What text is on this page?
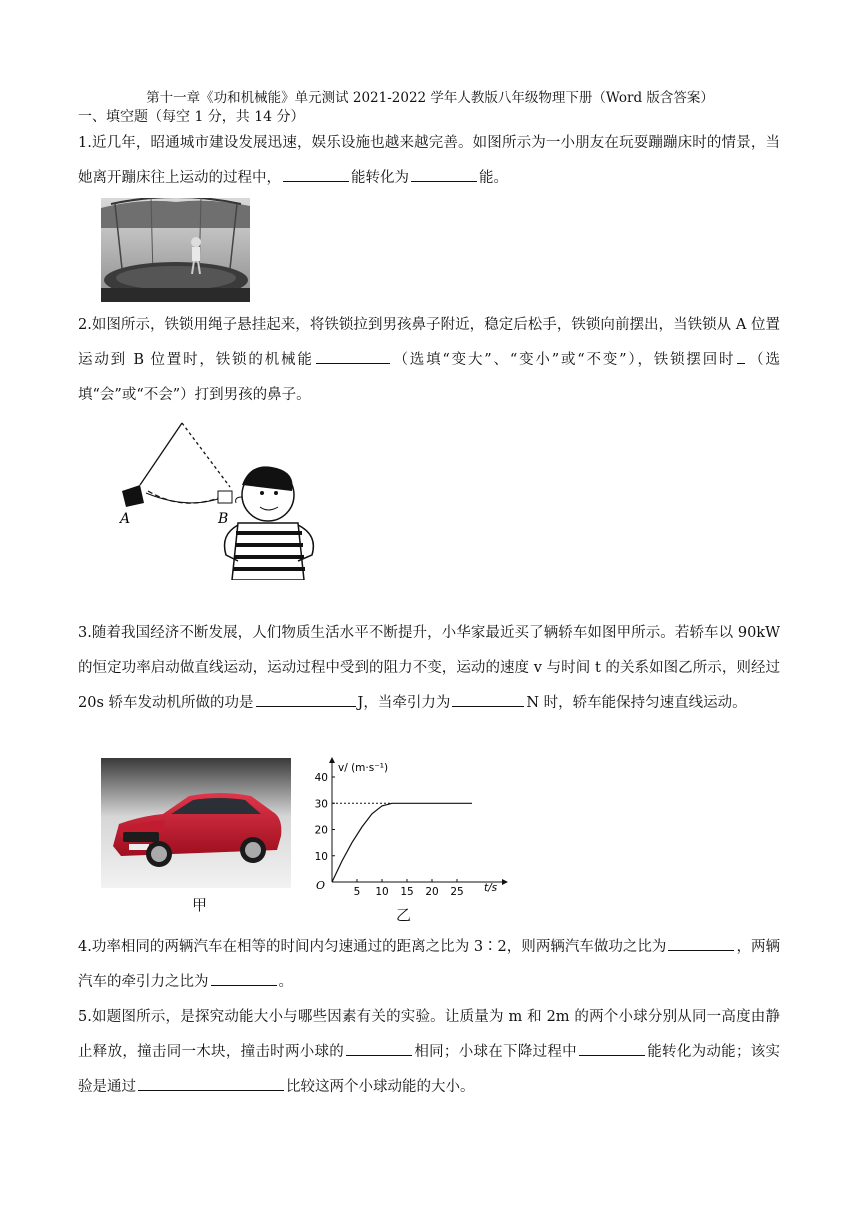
第十一章《功和机械能》单元测试 2021-2022 学年人教版八年级物理下册（Word 版含答案）
一、填空题（每空 1 分，共 14 分）
1.近几年，昭通城市建设发展迅速，娱乐设施也越来越完善。如图所示为一小朋友在玩耍蹦蹦床时的情景，当她离开蹦床往上运动的过程中，	能转化为	能。
2.如图所示，铁锁用绳子悬挂起来，将铁锁拉到男孩鼻子附近，稳定后松手，铁锁向前摆出，当铁锁从 A 位置运动到 B 位置时，铁锁的机械能	（选填“变大”、“变小”或“不变”），铁锁摆回时 （选填“会”或“不会”）打到男孩的鼻子。
A	B
3.随着我国经济不断发展，人们物质生活水平不断提升，小华家最近买了辆轿车如图甲所示。若轿车以 90kW 的恒定功率启动做直线运动，运动过程中受到的阻力不变，运动的速度 v 与时间 t 的关系如图乙所示，则经过 20s 轿车发动机所做的功是	J，当牵引力为	N 时，轿车能保持匀速直线运动。
甲
v/ (m·s⁻¹)
t/s
O	5 10 15 20 25
10
20
30
40
乙
4.功率相同的两辆汽车在相等的时间内匀速通过的距离之比为 3∶2，则两辆汽车做功之比为	，两辆汽车的牵引力之比为	。
5.如题图所示，是探究动能大小与哪些因素有关的实验。让质量为 m 和 2m 的两个小球分别从同一高度由静止释放，撞击同一木块，撞击时两小球的	相同；小球在下降过程中	能转化为动能；该实验是通过	比较这两个小球动能的大小。
